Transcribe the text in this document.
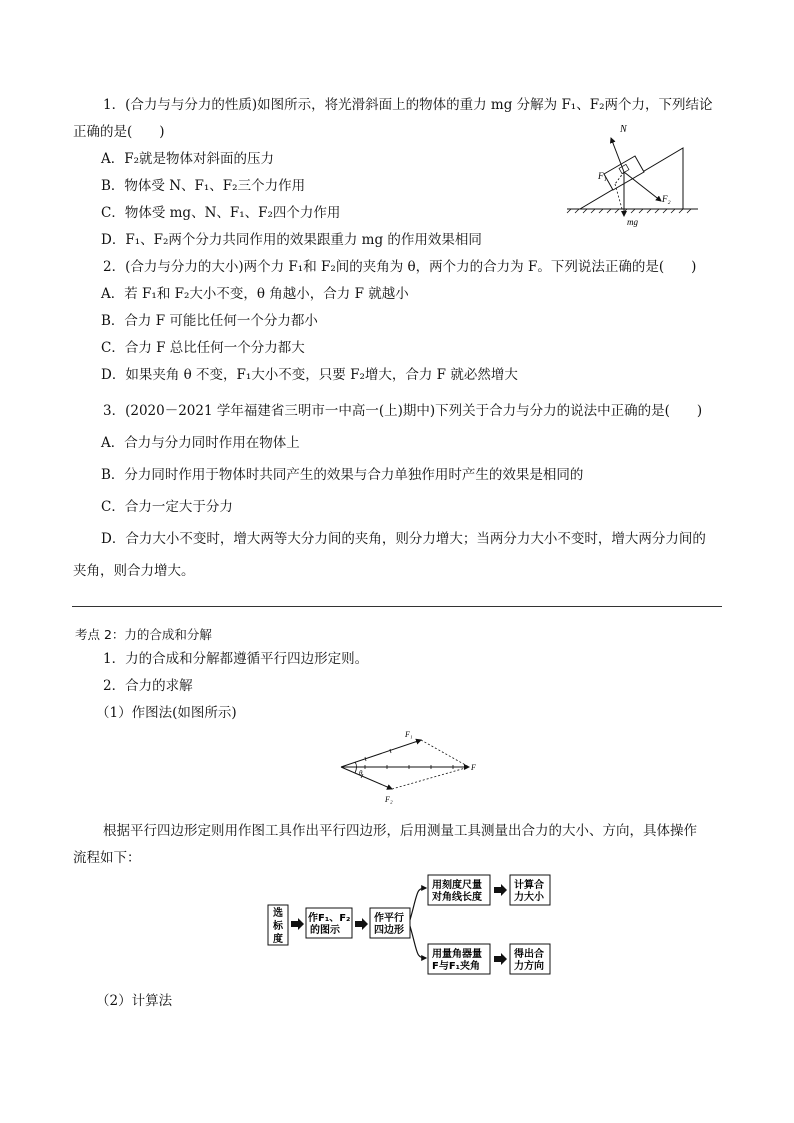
1．(合力与与分力的性质)如图所示，将光滑斜面上的物体的重力 mg 分解为 F₁、F₂两个力，下列结论
正确的是(　　)
A．F₂就是物体对斜面的压力
B．物体受 N、F₁、F₂三个力作用
C．物体受 mg、N、F₁、F₂四个力作用
D．F₁、F₂两个分力共同作用的效果跟重力 mg 的作用效果相同
N
F₁
F₂
mg
2．(合力与分力的大小)两个力 F₁和 F₂间的夹角为 θ，两个力的合力为 F。下列说法正确的是(　　)
A．若 F₁和 F₂大小不变，θ 角越小，合力 F 就越小
B．合力 F 可能比任何一个分力都小
C．合力 F 总比任何一个分力都大
D．如果夹角 θ 不变，F₁大小不变，只要 F₂增大，合力 F 就必然增大
3．(2020－2021 学年福建省三明市一中高一(上)期中)下列关于合力与分力的说法中正确的是(　　)
A．合力与分力同时作用在物体上
B．分力同时作用于物体时共同产生的效果与合力单独作用时产生的效果是相同的
C．合力一定大于分力
D．合力大小不变时，增大两等大分力间的夹角，则分力增大；当两分力大小不变时，增大两分力间的
夹角，则合力增大。
考点 2：力的合成和分解
1．力的合成和分解都遵循平行四边形定则。
2．合力的求解
（1）作图法(如图所示)
F₁
F₂
F
θ
根据平行四边形定则用作图工具作出平行四边形，后用测量工具测量出合力的大小、方向，具体操作
流程如下：
选
标
度
作F₁、F₂
的图示
作平行
四边形
用刻度尺量
对角线长度
计算合
力大小
用量角器量
F与F₁夹角
得出合
力方向
（2）计算法
